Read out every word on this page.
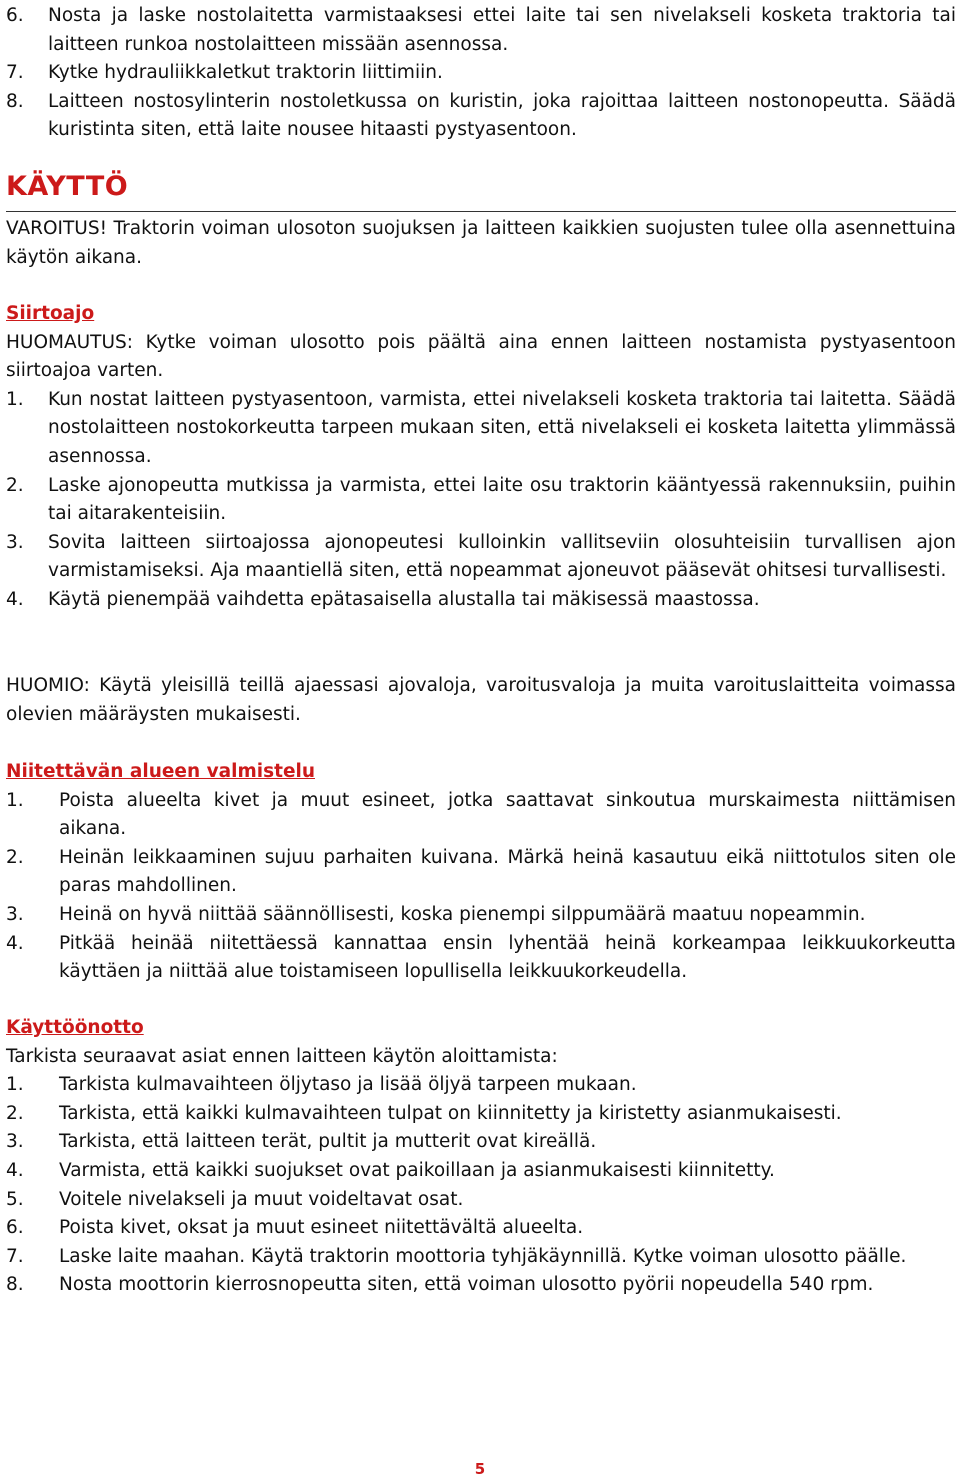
6.	Nosta ja laske nostolaitetta varmistaaksesi ettei laite tai sen nivelakseli kosketa traktoria tai laitteen runkoa nostolaitteen missään asennossa.
7.	Kytke hydrauliikkaletkut traktorin liittimiin.
8.	Laitteen nostosylinterin nostoletkussa on kuristin, joka rajoittaa laitteen nostonopeutta. Säädä kuristinta siten, että laite nousee hitaasti pystyasentoon.
KÄYTTÖ

VAROITUS! Traktorin voiman ulosoton suojuksen ja laitteen kaikkien suojusten tulee olla asennettuina käytön aikana.

Siirtoajo

HUOMAUTUS: Kytke voiman ulosotto pois päältä aina ennen laitteen nostamista pystyasentoon siirtoajoa varten.

1.	Kun nostat laitteen pystyasentoon, varmista, ettei nivelakseli kosketa traktoria tai laitetta. Säädä nostolaitteen nostokorkeutta tarpeen mukaan siten, että nivelakseli ei kosketa laitetta ylimmässä asennossa.
2.	Laske ajonopeutta mutkissa ja varmista, ettei laite osu traktorin kääntyessä rakennuksiin, puihin tai aitarakenteisiin.
3.	Sovita laitteen siirtoajossa ajonopeutesi kulloinkin vallitseviin olosuhteisiin turvallisen ajon varmistamiseksi. Aja maantiellä siten, että nopeammat ajoneuvot pääsevät ohitsesi turvallisesti.
4.	Käytä pienempää vaihdetta epätasaisella alustalla tai mäkisessä maastossa.

HUOMIO: Käytä yleisillä teillä ajaessasi ajovaloja, varoitusvaloja ja muita varoituslaitteita voimassa olevien määräysten mukaisesti.

Niitettävän alueen valmistelu

1.	Poista alueelta kivet ja muut esineet, jotka saattavat sinkoutua murskaimesta niittämisen aikana.
2.	Heinän leikkaaminen sujuu parhaiten kuivana. Märkä heinä kasautuu eikä niittotulos siten ole paras mahdollinen.
3.	Heinä on hyvä niittää säännöllisesti, koska pienempi silppumäärä maatuu nopeammin.
4.	Pitkää heinää niitettäessä kannattaa ensin lyhentää heinä korkeampaa leikkuukorkeutta käyttäen ja niittää alue toistamiseen lopullisella leikkuukorkeudella.

Käyttöönotto

Tarkista seuraavat asiat ennen laitteen käytön aloittamista:

1.	Tarkista kulmavaihteen öljytaso ja lisää öljyä tarpeen mukaan.
2.	Tarkista, että kaikki kulmavaihteen tulpat on kiinnitetty ja kiristetty asianmukaisesti.
3.	Tarkista, että laitteen terät, pultit ja mutterit ovat kireällä.
4.	Varmista, että kaikki suojukset ovat paikoillaan ja asianmukaisesti kiinnitetty.
5.	Voitele nivelakseli ja muut voideltavat osat.
6.	Poista kivet, oksat ja muut esineet niitettävältä alueelta.
7.	Laske laite maahan. Käytä traktorin moottoria tyhjäkäynnillä. Kytke voiman ulosotto päälle.
8.	Nosta moottorin kierrosnopeutta siten, että voiman ulosotto pyörii nopeudella 540 rpm.
5
